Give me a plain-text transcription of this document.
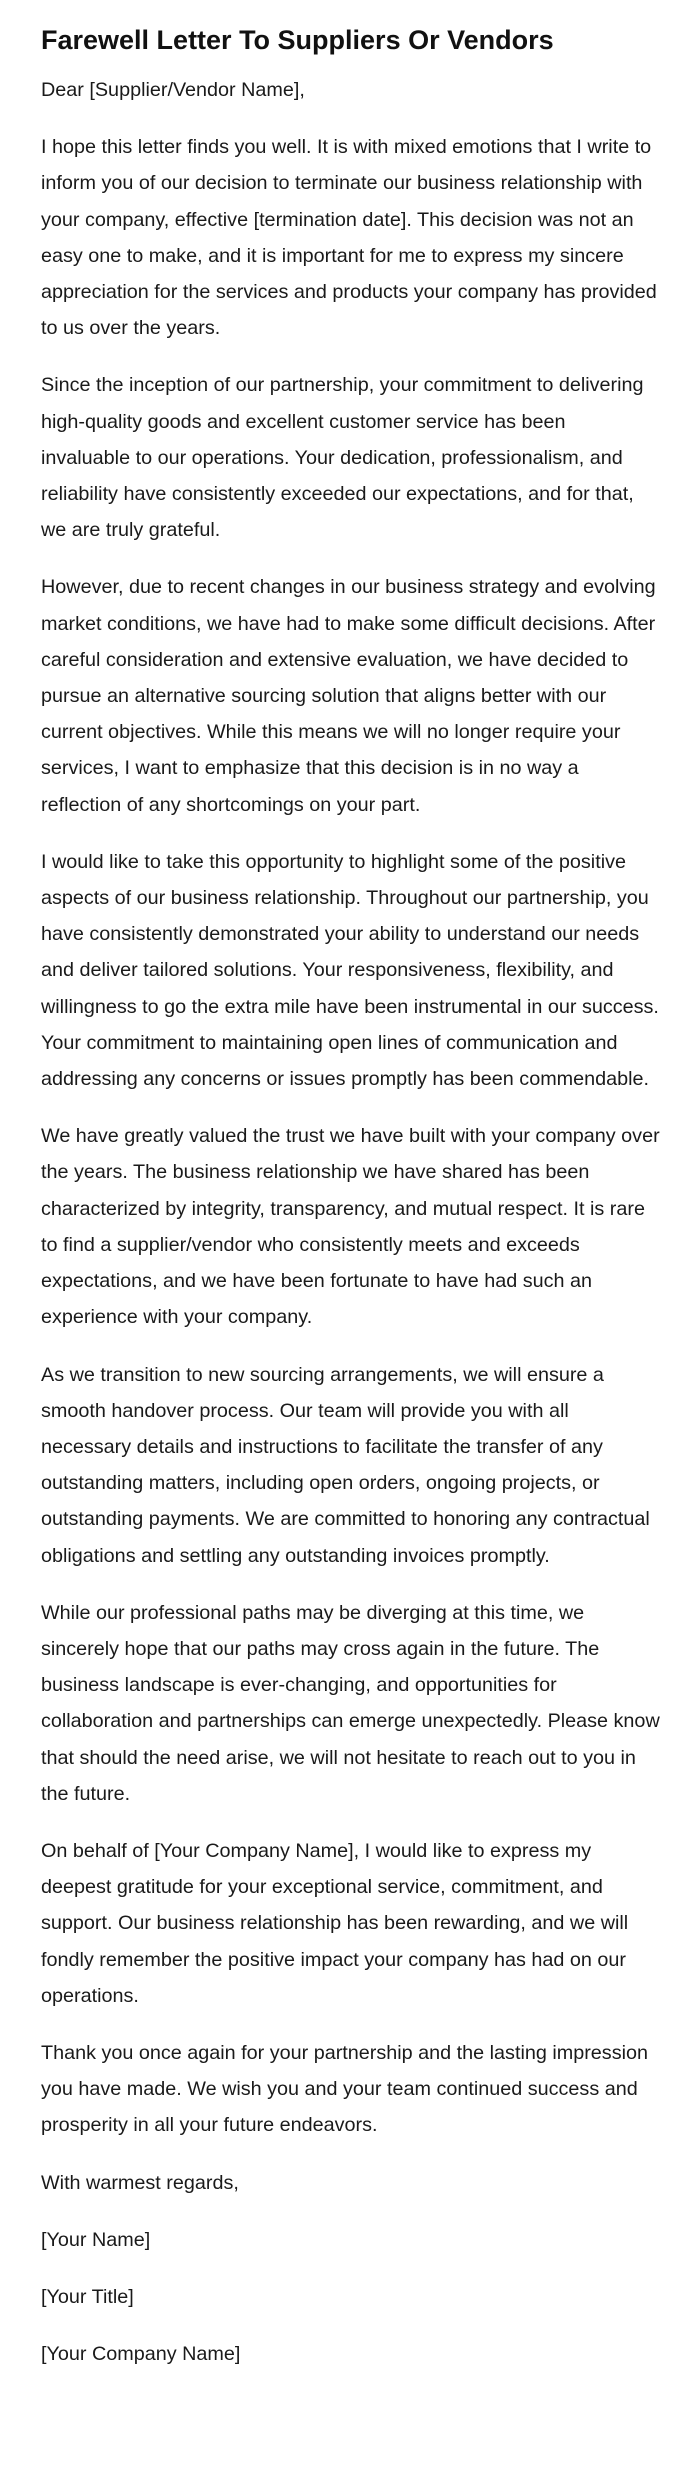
Farewell Letter To Suppliers Or Vendors

Dear [Supplier/Vendor Name],

I hope this letter finds you well. It is with mixed emotions that I write to inform you of our decision to terminate our business relationship with your company, effective [termination date]. This decision was not an easy one to make, and it is important for me to express my sincere appreciation for the services and products your company has provided to us over the years.

Since the inception of our partnership, your commitment to delivering high-quality goods and excellent customer service has been invaluable to our operations. Your dedication, professionalism, and reliability have consistently exceeded our expectations, and for that, we are truly grateful.

However, due to recent changes in our business strategy and evolving market conditions, we have had to make some difficult decisions. After careful consideration and extensive evaluation, we have decided to pursue an alternative sourcing solution that aligns better with our current objectives. While this means we will no longer require your services, I want to emphasize that this decision is in no way a reflection of any shortcomings on your part.

I would like to take this opportunity to highlight some of the positive aspects of our business relationship. Throughout our partnership, you have consistently demonstrated your ability to understand our needs and deliver tailored solutions. Your responsiveness, flexibility, and willingness to go the extra mile have been instrumental in our success. Your commitment to maintaining open lines of communication and addressing any concerns or issues promptly has been commendable.

We have greatly valued the trust we have built with your company over the years. The business relationship we have shared has been characterized by integrity, transparency, and mutual respect. It is rare to find a supplier/vendor who consistently meets and exceeds expectations, and we have been fortunate to have had such an experience with your company.

As we transition to new sourcing arrangements, we will ensure a smooth handover process. Our team will provide you with all necessary details and instructions to facilitate the transfer of any outstanding matters, including open orders, ongoing projects, or outstanding payments. We are committed to honoring any contractual obligations and settling any outstanding invoices promptly.

While our professional paths may be diverging at this time, we sincerely hope that our paths may cross again in the future. The business landscape is ever-changing, and opportunities for collaboration and partnerships can emerge unexpectedly. Please know that should the need arise, we will not hesitate to reach out to you in the future.

On behalf of [Your Company Name], I would like to express my deepest gratitude for your exceptional service, commitment, and support. Our business relationship has been rewarding, and we will fondly remember the positive impact your company has had on our operations.

Thank you once again for your partnership and the lasting impression you have made. We wish you and your team continued success and prosperity in all your future endeavors.

With warmest regards,

[Your Name]

[Your Title]

[Your Company Name]
